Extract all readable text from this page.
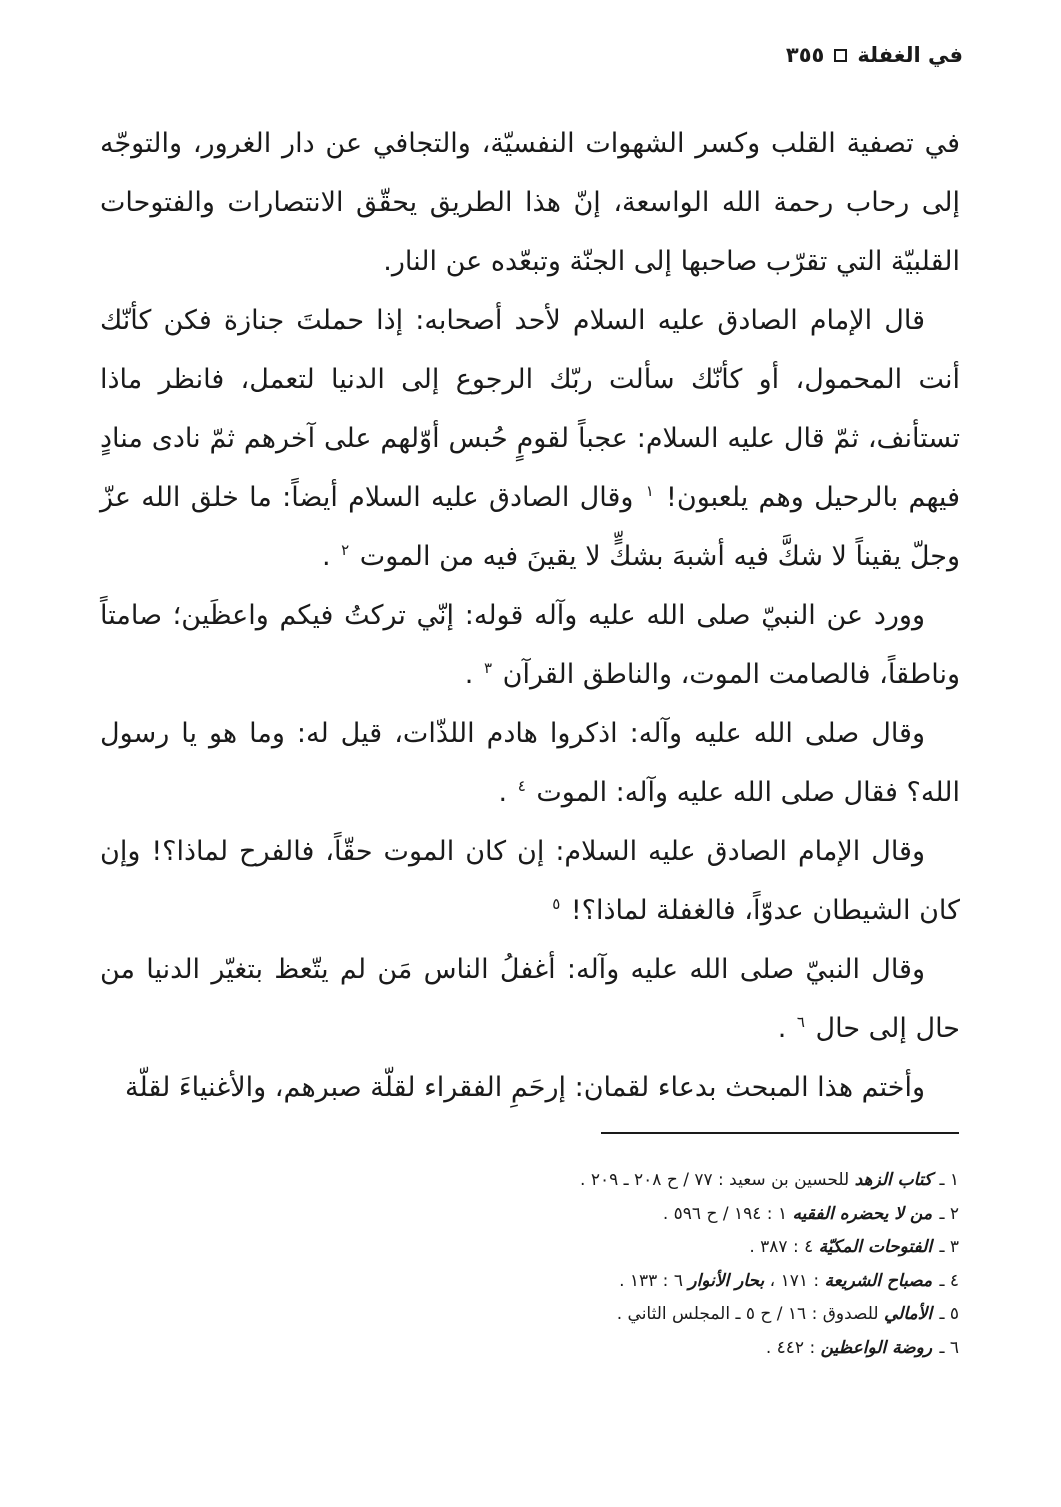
في الغفلة
٣٥٥

في تصفية القلب وكسر الشهوات النفسيّة، والتجافي عن دار الغرور، والتوجّه إلى رحاب رحمة الله الواسعة، إنّ هذا الطريق يحقّق الانتصارات والفتوحات القلبيّة التي تقرّب صاحبها إلى الجنّة وتبعّده عن النار.

قال الإمام الصادق عليه السلام لأحد أصحابه: إذا حملتَ جنازة فكن كأنّك أنت المحمول، أو كأنّك سألت ربّك الرجوع إلى الدنيا لتعمل، فانظر ماذا تستأنف، ثمّ قال عليه السلام: عجباً لقومٍ حُبس أوّلهم على آخرهم ثمّ نادى منادٍ فيهم بالرحيل وهم يلعبون! $^١$ وقال الصادق عليه السلام أيضاً: ما خلق الله عزّ وجلّ يقيناً لا شكَّ فيه أشبهَ بشكٍّ لا يقينَ فيه من الموت $^٢$ .

وورد عن النبيّ صلى الله عليه وآله قوله: إنّي تركتُ فيكم واعظَين؛ صامتاً وناطقاً، فالصامت الموت، والناطق القرآن $^٣$ .

وقال صلى الله عليه وآله: اذكروا هادم اللذّات، قيل له: وما هو يا رسول الله؟ فقال صلى الله عليه وآله: الموت $^٤$ .

وقال الإمام الصادق عليه السلام: إن كان الموت حقّاً، فالفرح لماذا؟! وإن كان الشيطان عدوّاً، فالغفلة لماذا؟! $^٥$

وقال النبيّ صلى الله عليه وآله: أغفلُ الناس مَن لم يتّعظ بتغيّر الدنيا من حال إلى حال $^٦$ .

وأختم هذا المبحث بدعاء لقمان: إرحَمِ الفقراء لقلّة صبرهم، والأغنياءَ لقلّة

١ ـ كتاب الزهد للحسين بن سعيد : ٧٧ / ح ٢٠٨ ـ ٢٠٩ .

٢ ـ من لا يحضره الفقيه ١ : ١٩٤ / ح ٥٩٦ .

٣ ـ الفتوحات المكيّة ٤ : ٣٨٧ .

٤ ـ مصباح الشريعة : ١٧١ ، بحار الأنوار ٦ : ١٣٣ .

٥ ـ الأمالي للصدوق : ١٦ / ح ٥ ـ المجلس الثاني .

٦ ـ روضة الواعظين : ٤٤٢ .
